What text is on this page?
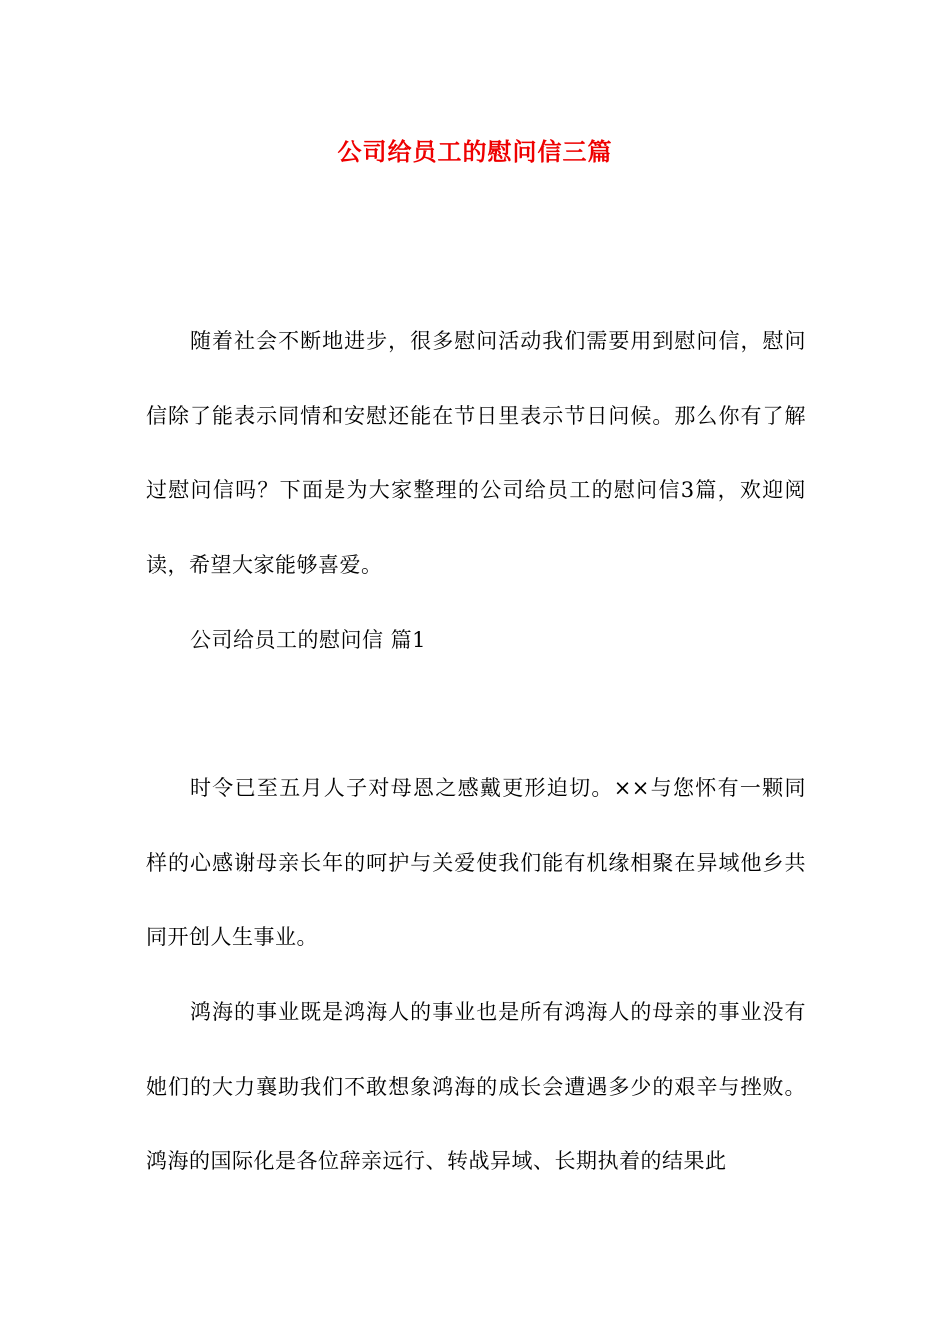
公司给员工的慰问信三篇

随着社会不断地进步，很多慰问活动我们需要用到慰问信，慰问信除了能表示同情和安慰还能在节日里表示节日问候。那么你有了解过慰问信吗？下面是为大家整理的公司给员工的慰问信3篇，欢迎阅读，希望大家能够喜爱。

公司给员工的慰问信 篇1

时令已至五月人子对母恩之感戴更形迫切。××与您怀有一颗同样的心感谢母亲长年的呵护与关爱使我们能有机缘相聚在异域他乡共同开创人生事业。

鸿海的事业既是鸿海人的事业也是所有鸿海人的母亲的事业没有她们的大力襄助我们不敢想象鸿海的成长会遭遇多少的艰辛与挫败。鸿海的国际化是各位辞亲远行、转战异域、长期执着的结果此
